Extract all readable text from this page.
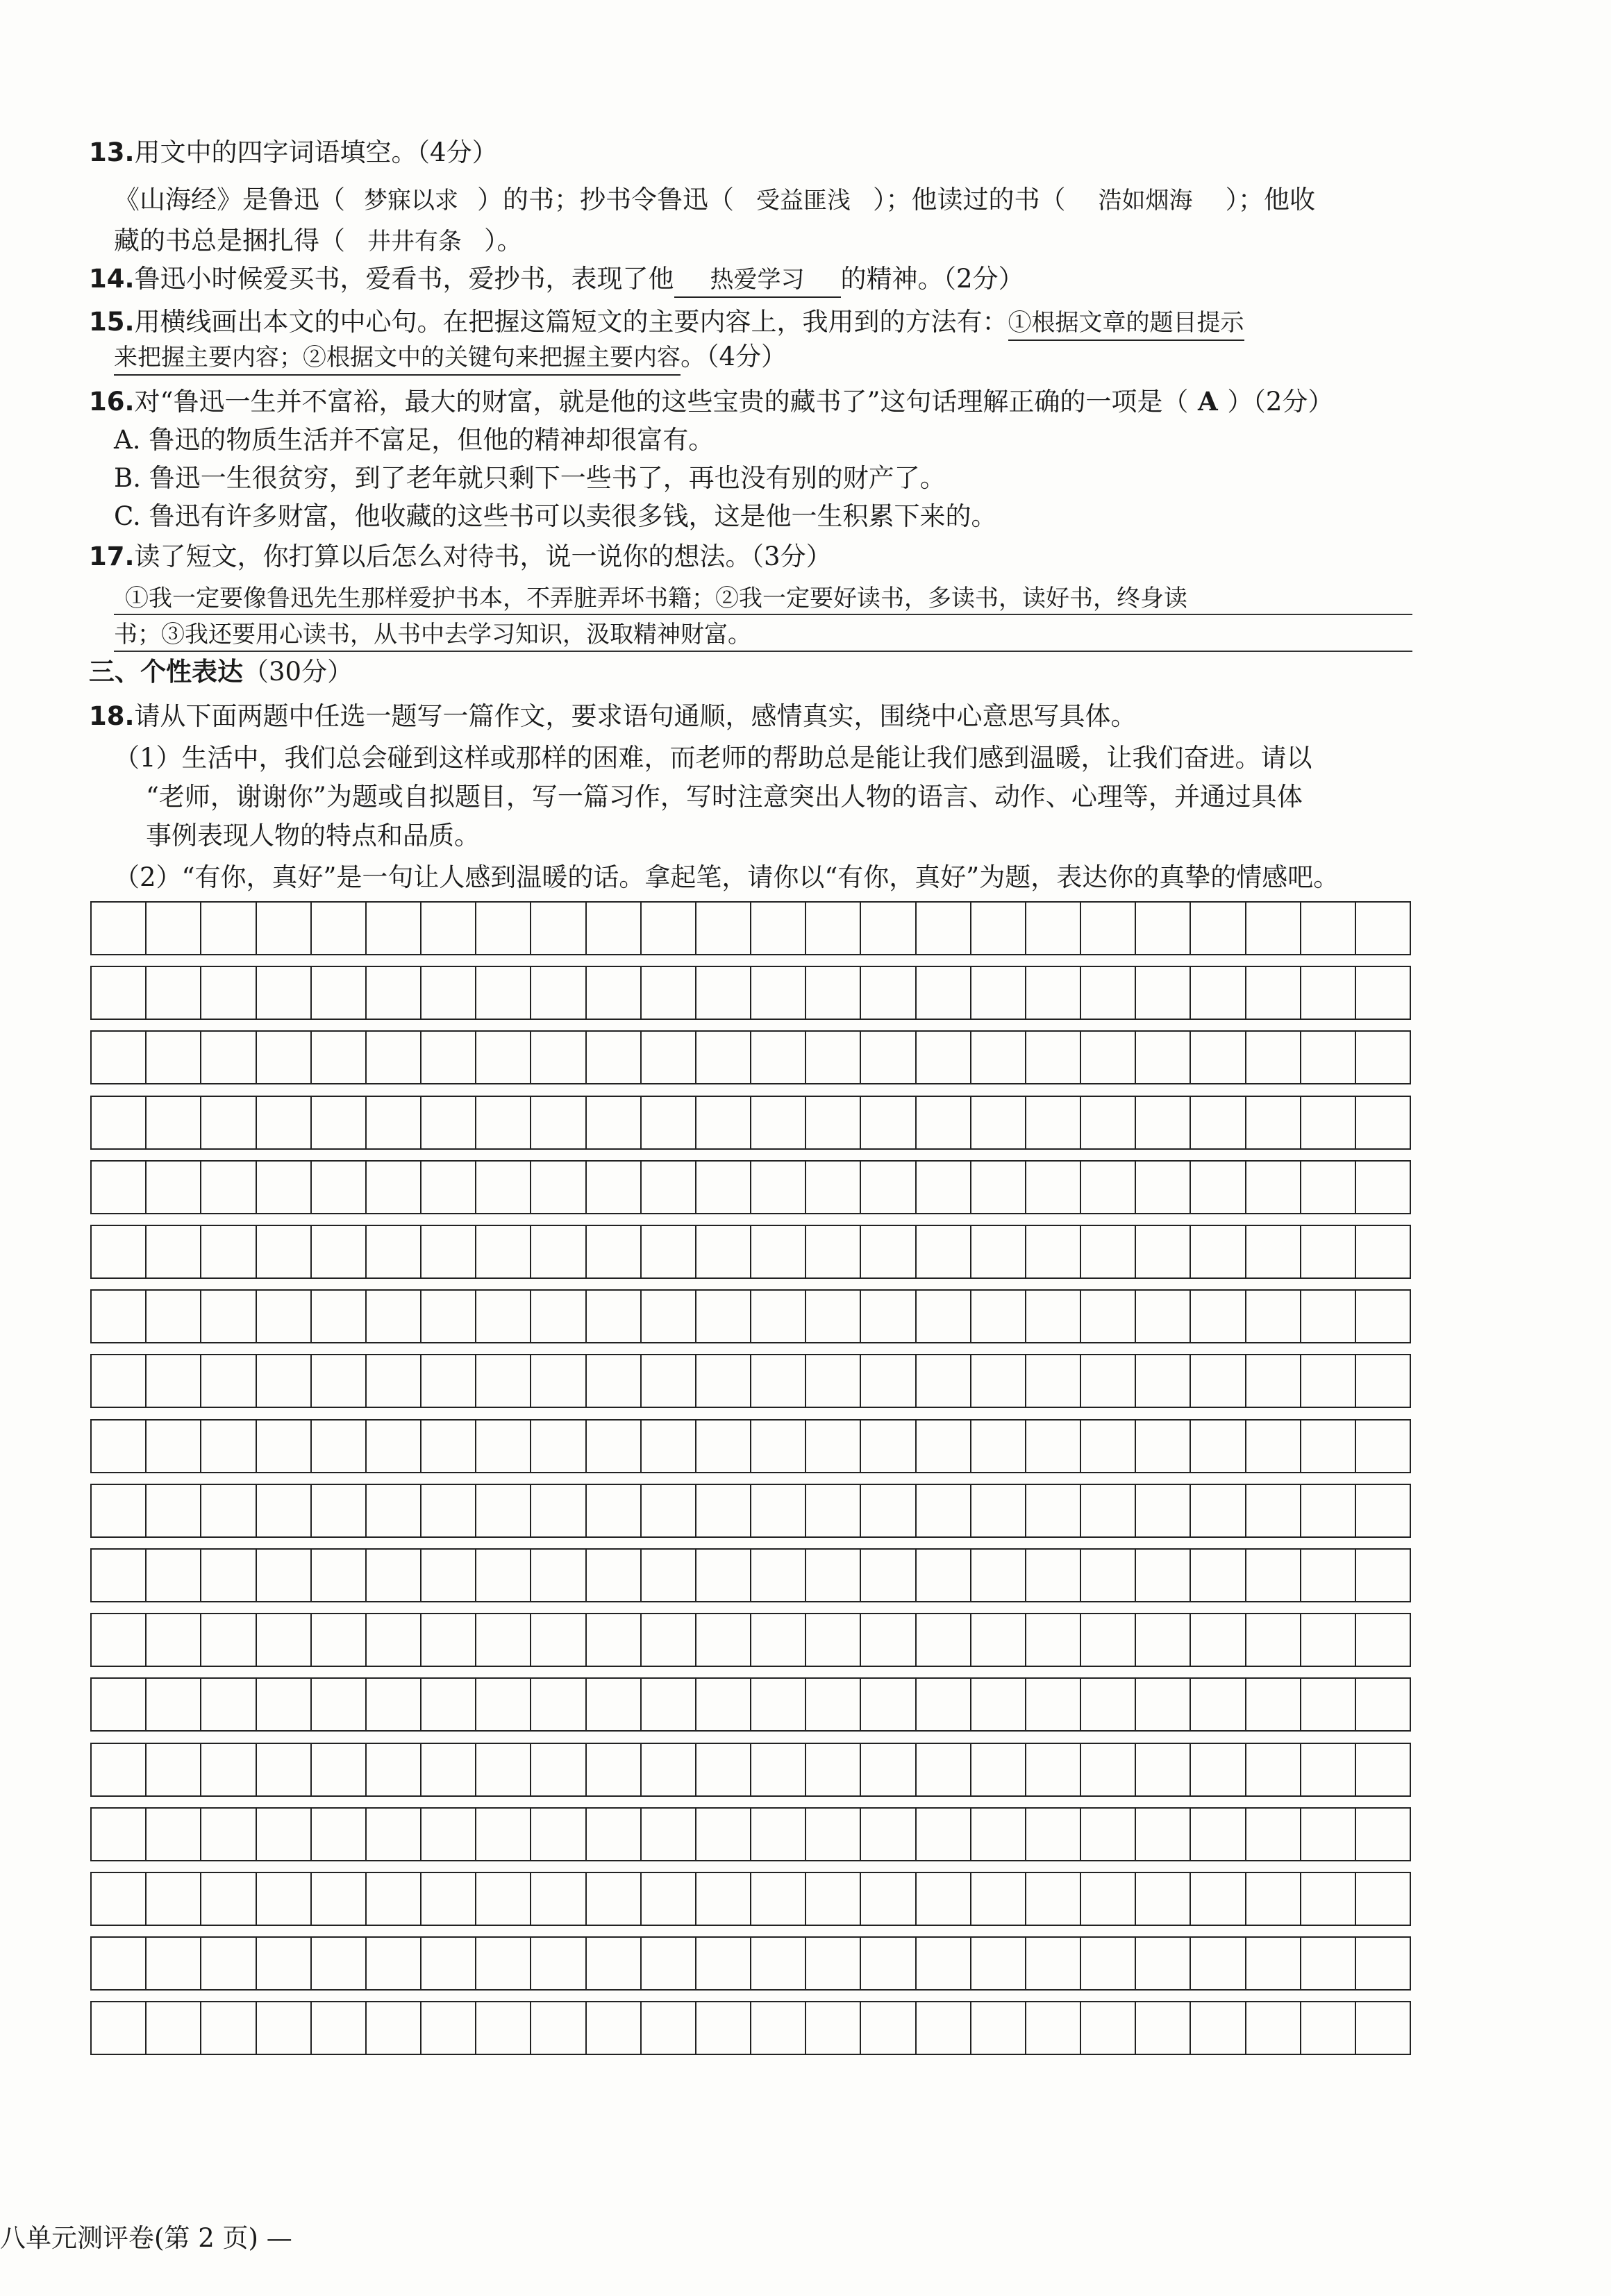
13.用文中的四字词语填空。（4分）
《山海经》是鲁迅（ 梦寐以求 ）的书；抄书令鲁迅（ 受益匪浅 ）；他读过的书（ 浩如烟海 ）；他收
藏的书总是捆扎得（ 井井有条 ）。
14.鲁迅小时候爱买书，爱看书，爱抄书，表现了他 热爱学习 的精神。（2分）
15.用横线画出本文的中心句。在把握这篇短文的主要内容上，我用到的方法有：①根据文章的题目提示
来把握主要内容；②根据文中的关键句来把握主要内容。（4分）
16.对“鲁迅一生并不富裕，最大的财富，就是他的这些宝贵的藏书了”这句话理解正确的一项是（ A ）（2分）
A. 鲁迅的物质生活并不富足，但他的精神却很富有。
B. 鲁迅一生很贫穷，到了老年就只剩下一些书了，再也没有别的财产了。
C. 鲁迅有许多财富，他收藏的这些书可以卖很多钱，这是他一生积累下来的。
17.读了短文，你打算以后怎么对待书，说一说你的想法。（3分）
①我一定要像鲁迅先生那样爱护书本，不弄脏弄坏书籍；②我一定要好读书，多读书，读好书，终身读
书；③我还要用心读书，从书中去学习知识，汲取精神财富。
三、个性表达（30分）
18.请从下面两题中任选一题写一篇作文，要求语句通顺，感情真实，围绕中心意思写具体。
（1）生活中，我们总会碰到这样或那样的困难，而老师的帮助总是能让我们感到温暖，让我们奋进。请以
“老师，谢谢你”为题或自拟题目，写一篇习作，写时注意突出人物的语言、动作、心理等，并通过具体
事例表现人物的特点和品质。
（2）“有你，真好”是一句让人感到温暖的话。拿起笔，请你以“有你，真好”为题，表达你的真挚的情感吧。
八单元测评卷(第 2 页) —
